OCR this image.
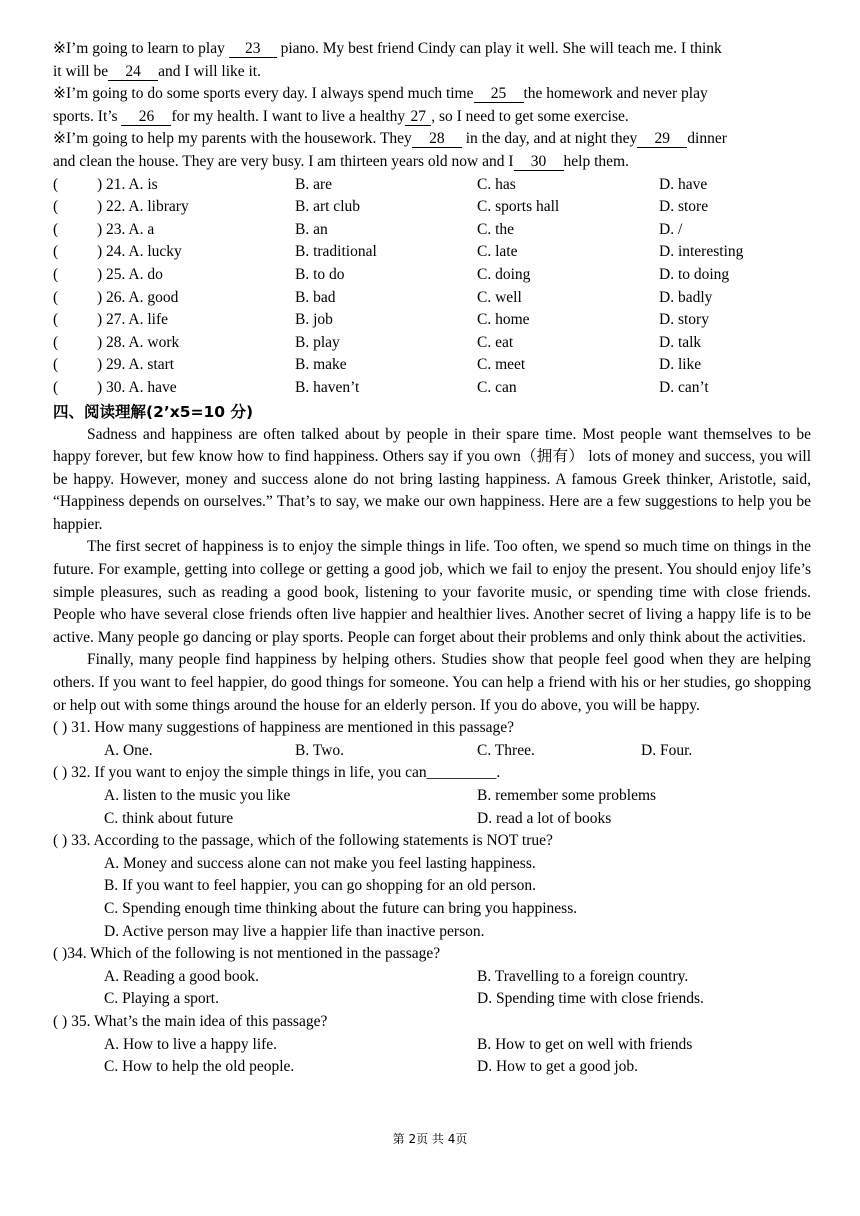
※I’m going to learn to play 23 piano. My best friend Cindy can play it well. She will teach me. I think

it will be 24 and I will like it.

※I’m going to do some sports every day. I always spend much time 25 the homework and never play

sports. It’s 26 for my health. I want to live a healthy 27 , so I need to get some exercise.

※I’m going to help my parents with the housework. They 28 in the day, and at night they 29 dinner

and clean the house. They are very busy. I am thirteen years old now and I 30 help them.

( ) 21. A. is	B. are	C. has	D. have
( ) 22. A. library	B. art club	C. sports hall	D. store
( ) 23. A. a	B. an	C. the	D. /
( ) 24. A. lucky	B. traditional	C. late	D. interesting
( ) 25. A. do	B. to do	C. doing	D. to doing
( ) 26. A. good	B. bad	C. well	D. badly
( ) 27. A. life	B. job	C. home	D. story
( ) 28. A. work	B. play	C. eat	D. talk
( ) 29. A. start	B. make	C. meet	D. like
( ) 30. A. have	B. haven’t	C. can	D. can’t
四、阅读理解(2’x5=10 分)

Sadness and happiness are often talked about by people in their spare time. Most people want themselves to be happy forever, but few know how to find happiness. Others say if you own（拥有） lots of money and success, you will be happy. However, money and success alone do not bring lasting happiness. A famous Greek thinker, Aristotle, said, “Happiness depends on ourselves.” That’s to say, we make our own happiness. Here are a few suggestions to help you be happier.

The first secret of happiness is to enjoy the simple things in life. Too often, we spend so much time on things in the future. For example, getting into college or getting a good job, which we fail to enjoy the present. You should enjoy life’s simple pleasures, such as reading a good book, listening to your favorite music, or spending time with close friends. People who have several close friends often live happier and healthier lives. Another secret of living a happy life is to be active. Many people go dancing or play sports. People can forget about their problems and only think about the activities.

Finally, many people find happiness by helping others. Studies show that people feel good when they are helping others. If you want to feel happier, do good things for someone. You can help a friend with his or her studies, go shopping or help out with some things around the house for an elderly person. If you do above, you will be happy.

( ) 31. How many suggestions of happiness are mentioned in this passage?

A. One.	B. Two.	C. Three.	D. Four.

( ) 32. If you want to enjoy the simple things in life, you can_________.

A. listen to the music you like	B. remember some problems
C. think about future	D. read a lot of books

( ) 33. According to the passage, which of the following statements is NOT true?

A. Money and success alone can not make you feel lasting happiness.

B. If you want to feel happier, you can go shopping for an old person.

C. Spending enough time thinking about the future can bring you happiness.

D. Active person may live a happier life than inactive person.

( )34. Which of the following is not mentioned in the passage?

A. Reading a good book.	B. Travelling to a foreign country.
C. Playing a sport.	D. Spending time with close friends.

( ) 35. What’s the main idea of this passage?

A. How to live a happy life.	B. How to get on well with friends
C. How to help the old people.	D. How to get a good job.
第 2页 共 4页
